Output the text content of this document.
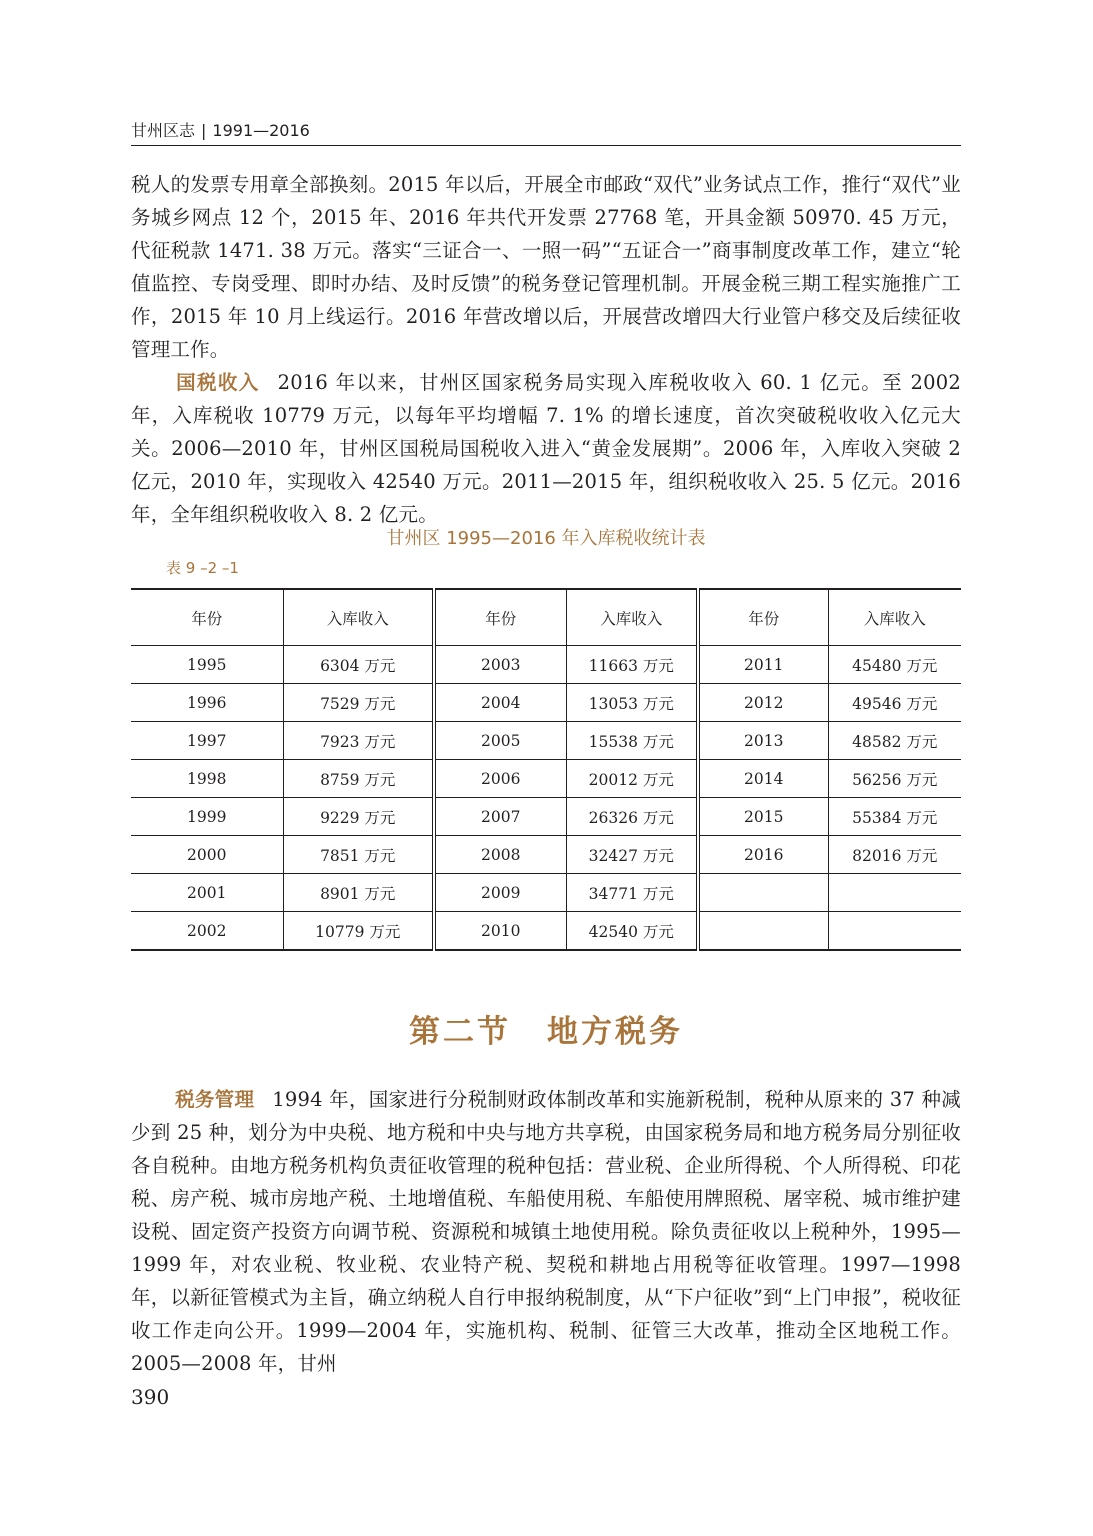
甘州区志 | 1991—2016

税人的发票专用章全部换刻。2015 年以后，开展全市邮政“双代”业务试点工作，推行“双代”业务城乡网点 12 个，2015 年、2016 年共代开发票 27768 笔，开具金额 50970. 45 万元，代征税款 1471. 38 万元。落实“三证合一、一照一码”“五证合一”商事制度改革工作，建立“轮值监控、专岗受理、即时办结、及时反馈”的税务登记管理机制。开展金税三期工程实施推广工作，2015 年 10 月上线运行。2016 年营改增以后，开展营改增四大行业管户移交及后续征收管理工作。

国税收入 2016 年以来，甘州区国家税务局实现入库税收收入 60. 1 亿元。至 2002 年，入库税收 10779 万元，以每年平均增幅 7. 1% 的增长速度，首次突破税收收入亿元大关。2006—2010 年，甘州区国税局国税收入进入“黄金发展期”。2006 年，入库收入突破 2 亿元，2010 年，实现收入 42540 万元。2011—2015 年，组织税收收入 25. 5 亿元。2016 年，全年组织税收收入 8. 2 亿元。

甘州区 1995—2016 年入库税收统计表
表 9 –2 –1
年份	入库收入	年份	入库收入	年份	入库收入
1995	6304 万元	2003	11663 万元	2011	45480 万元
1996	7529 万元	2004	13053 万元	2012	49546 万元
1997	7923 万元	2005	15538 万元	2013	48582 万元
1998	8759 万元	2006	20012 万元	2014	56256 万元
1999	9229 万元	2007	26326 万元	2015	55384 万元
2000	7851 万元	2008	32427 万元	2016	82016 万元
2001	8901 万元	2009	34771 万元		
2002	10779 万元	2010	42540 万元		
第二节 地方税务

税务管理 1994 年，国家进行分税制财政体制改革和实施新税制，税种从原来的 37 种减少到 25 种，划分为中央税、地方税和中央与地方共享税，由国家税务局和地方税务局分别征收各自税种。由地方税务机构负责征收管理的税种包括：营业税、企业所得税、个人所得税、印花税、房产税、城市房地产税、土地增值税、车船使用税、车船使用牌照税、屠宰税、城市维护建设税、固定资产投资方向调节税、资源税和城镇土地使用税。除负责征收以上税种外，1995—1999 年，对农业税、牧业税、农业特产税、契税和耕地占用税等征收管理。1997—1998 年，以新征管模式为主旨，确立纳税人自行申报纳税制度，从“下户征收”到“上门申报”，税收征收工作走向公开。1999—2004 年，实施机构、税制、征管三大改革，推动全区地税工作。2005—2008 年，甘州

390
